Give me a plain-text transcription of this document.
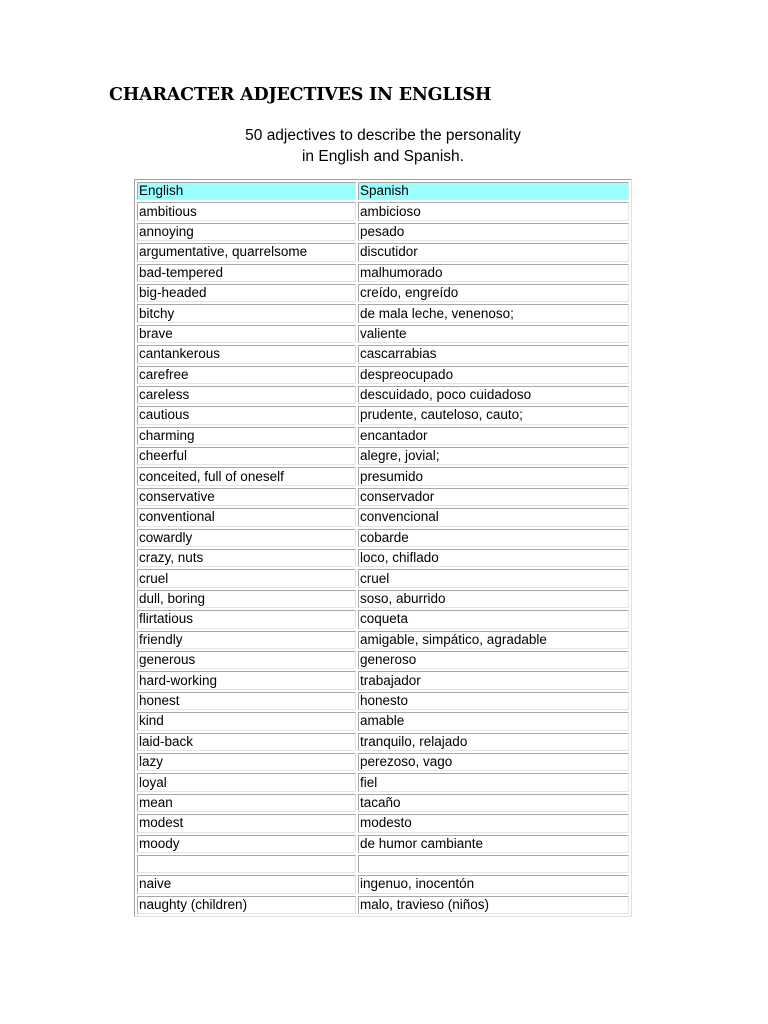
CHARACTER ADJECTIVES IN ENGLISH
50 adjectives to describe the personality
in English and Spanish.
English	Spanish
ambitious	ambicioso
annoying	pesado
argumentative, quarrelsome	discutidor
bad-tempered	malhumorado
big-headed	creído, engreído
bitchy	de mala leche, venenoso;
brave	valiente
cantankerous	cascarrabias
carefree	despreocupado
careless	descuidado, poco cuidadoso
cautious	prudente, cauteloso, cauto;
charming	encantador
cheerful	alegre, jovial;
conceited, full of oneself	presumido
conservative	conservador
conventional	convencional
cowardly	cobarde
crazy, nuts	loco, chiflado
cruel	cruel
dull, boring	soso, aburrido
flirtatious	coqueta
friendly	amigable, simpático, agradable
generous	generoso
hard-working	trabajador
honest	honesto
kind	amable
laid-back	tranquilo, relajado
lazy	perezoso, vago
loyal	fiel
mean	tacaño
modest	modesto
moody	de humor cambiante

naive	ingenuo, inocentón
naughty (children)	malo, travieso (niños)
